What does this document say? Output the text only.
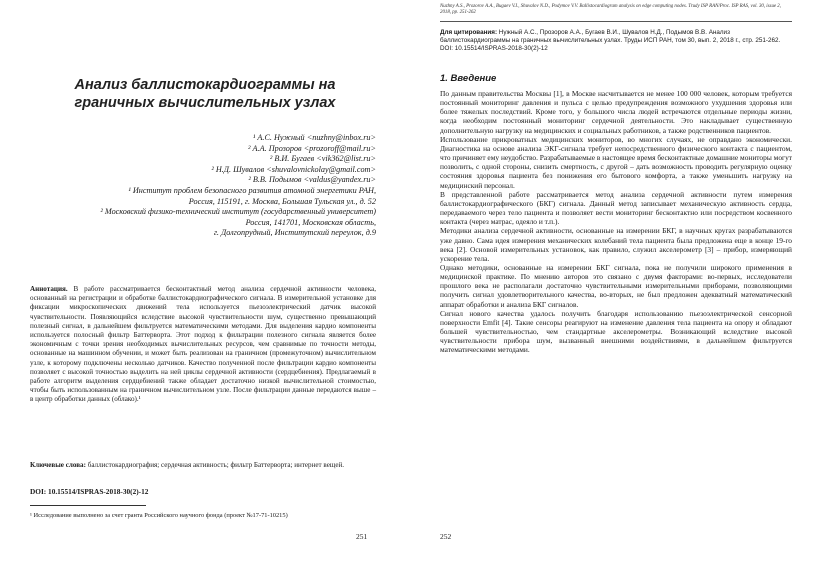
Анализ баллистокардиограммы на граничных вычислительных узлах

¹ А.С. Нужный <nuzhny@inbox.ru>

² А.А. Прозоров <prozoroff@mail.ru>

² В.И. Бугаев <vik362@list.ru>

² Н.Д. Шувалов <shuvalovnickolay@gmail.com>

² В.В. Подымов <valdus@yandex.ru>

¹ Институт проблем безопасного развития атомной энергетики РАН,

Россия, 115191, г. Москва, Большая Тульская ул., д. 52

² Московский физико-технический институт (государственный университет)

Россия, 141701, Московская область,

г. Долгопрудный, Институтский переулок, д.9

Аннотация. В работе рассматривается бесконтактный метод анализа сердечной активности человека, основанный на регистрации и обработке баллистокардиографического сигнала. В измерительной установке для фиксации микроскопических движений тела используется пьезоэлектрический датчик высокой чувствительности. Появляющийся вследствие высокой чувствительности шум, существенно превышающий полезный сигнал, в дальнейшем фильтруется математическими методами. Для выделения кардио компоненты используется полосный фильтр Баттерворта. Этот подход к фильтрации полезного сигнала является более экономичным с точки зрения необходимых вычислительных ресурсов, чем сравнимые по точности методы, основанные на машинном обучении, и может быть реализован на граничном (промежуточном) вычислительном узле, к которому подключены несколько датчиков. Качество полученной после фильтрации кардио компоненты позволяет с высокой точностью выделить на ней циклы сердечной активности (сердцебиения). Предлагаемый в работе алгоритм выделения сердцебиений также обладает достаточно низкой вычислительной стоимостью, чтобы быть использованным на граничном вычислительном узле. После фильтрации данные передаются выше – в центр обработки данных (облако).¹
Ключевые слова: баллистокардиография; сердечная активность; фильтр Баттерворта; интернет вещей.
DOI: 10.15514/ISPRAS-2018-30(2)-12
¹ Исследование выполнено за счет гранта Российского научного фонда (проект №17-71-10215)
251
Nuzhny A.S., Prozorov A.A., Bugaev V.I., Shuvalov N.D., Podymov V.V. Ballistocardiogram analysis on edge computing nodes. Trudy ISP RAN/Proc. ISP RAS, vol. 30, issue 2, 2018, pp. 251-262
Для цитирования: Нужный А.С., Прозоров А.А., Бугаев В.И., Шувалов Н.Д., Подымов В.В. Анализ баллистокардиограммы на граничных вычислительных узлах. Труды ИСП РАН, том 30, вып. 2, 2018 г., стр. 251-262. DOI: 10.15514/ISPRAS-2018-30(2)-12
1. Введение

По данным правительства Москвы [1], в Москве насчитывается не менее 100 000 человек, которым требуется постоянный мониторинг давления и пульса с целью предупреждения возможного ухудшения здоровья или более тяжелых последствий. Кроме того, у большого числа людей встречаются отдельные периоды жизни, когда необходим постоянный мониторинг сердечной деятельности. Это накладывает существенную дополнительную нагрузку на медицинских и социальных работников, а также родственников пациентов.

Использование прикроватных медицинских мониторов, во многих случаях, не оправдано экономически. Диагностика на основе анализа ЭКГ-сигнала требует непосредственного физического контакта с пациентом, что причиняет ему неудобство. Разрабатываемые в настоящее время бесконтактные домашние мониторы могут позволить, с одной стороны, снизить смертность, с другой – дать возможность проводить регулярную оценку состояния здоровья пациента без понижения его бытового комфорта, а также уменьшить нагрузку на медицинский персонал.

В представленной работе рассматривается метод анализа сердечной активности путем измерения баллистокардиографического (БКГ) сигнала. Данный метод записывает механическую активность сердца, передаваемого через тело пациента и позволяет вести мониторинг бесконтактно или посредством косвенного контакта (через матрас, одеяло и т.п.).

Методики анализа сердечной активности, основанные на измерении БКГ, в научных кругах разрабатываются уже давно. Сама идея измерения механических колебаний тела пациента была предложена еще в конце 19-го века [2]. Основой измерительных установок, как правило, служил акселерометр [3] – прибор, измеряющий ускорение тела.

Однако методики, основанные на измерении БКГ сигнала, пока не получили широкого применения в медицинской практике. По мнению авторов это связано с двумя факторами: во-первых, исследователи прошлого века не располагали достаточно чувствительными измерительными приборами, позволяющими получить сигнал удовлетворительного качества, во-вторых, не был предложен адекватный математический аппарат обработки и анализа БКГ сигналов.

Сигнал нового качества удалось получить благодаря использованию пьезоэлектрической сенсорной поверхности Emfit [4]. Такие сенсоры реагируют на изменение давления тела пациента на опору и обладают большей чувствительностью, чем стандартные акселерометры. Возникающий вследствие высокой чувствительности прибора шум, вызванный внешними воздействиями, в дальнейшем фильтруется математическими методами.

252
